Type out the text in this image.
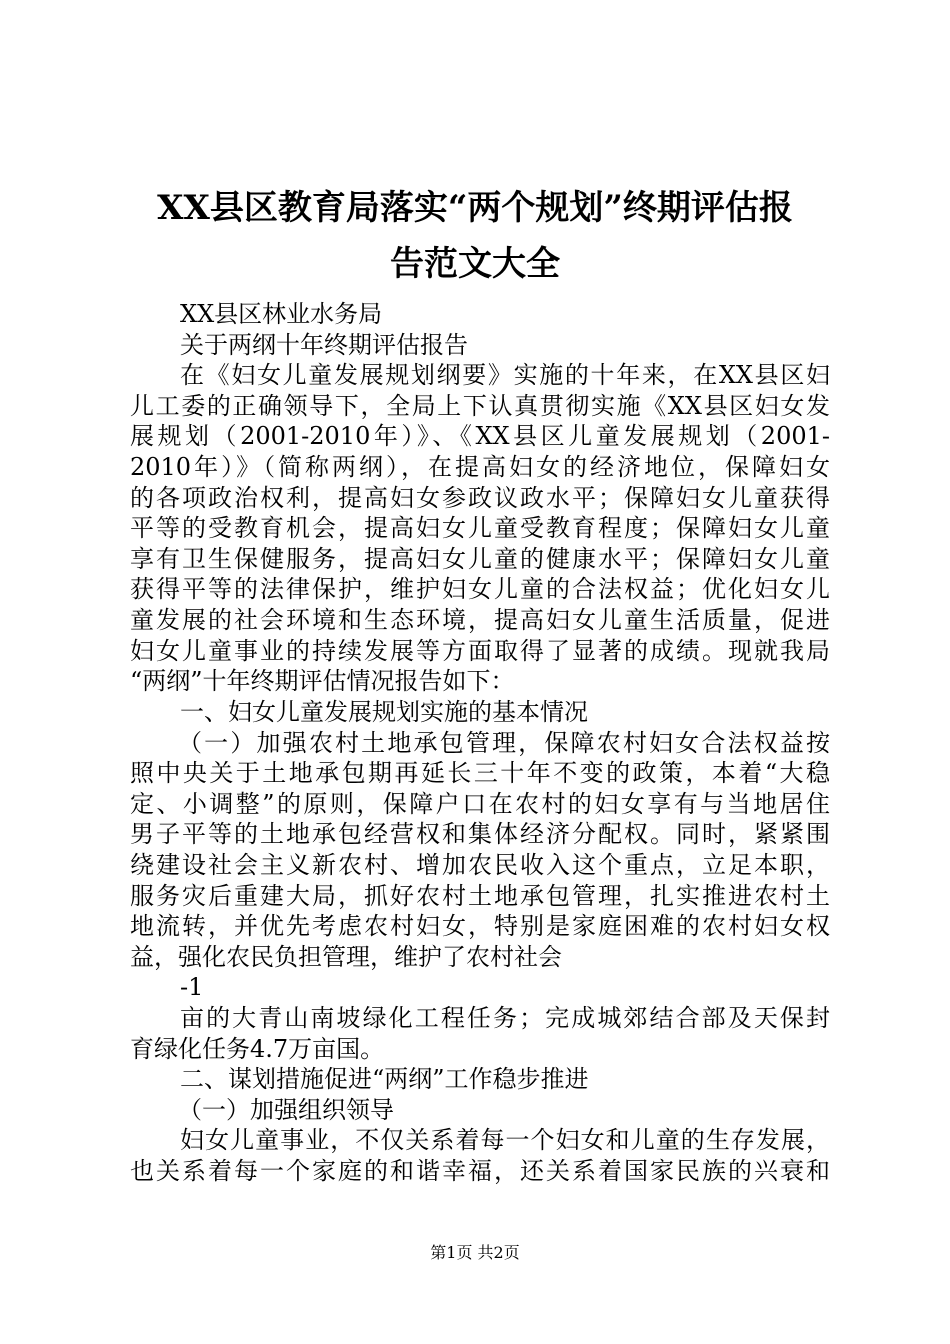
XX县区教育局落实“两个规划”终期评估报
告范文大全
XX县区林业水务局
关于两纲十年终期评估报告
在《妇女儿童发展规划纲要》实施的十年来，在XX县区妇
儿工委的正确领导下，全局上下认真贯彻实施《XX县区妇女发
展规划（2001-2010年）》、《XX县区儿童发展规划（2001-
2010年）》（简称两纲），在提高妇女的经济地位，保障妇女
的各项政治权利，提高妇女参政议政水平；保障妇女儿童获得
平等的受教育机会，提高妇女儿童受教育程度；保障妇女儿童
享有卫生保健服务，提高妇女儿童的健康水平；保障妇女儿童
获得平等的法律保护，维护妇女儿童的合法权益；优化妇女儿
童发展的社会环境和生态环境，提高妇女儿童生活质量，促进
妇女儿童事业的持续发展等方面取得了显著的成绩。现就我局
“两纲”十年终期评估情况报告如下：
一、妇女儿童发展规划实施的基本情况
（一）加强农村土地承包管理，保障农村妇女合法权益按
照中央关于土地承包期再延长三十年不变的政策，本着“大稳
定、小调整”的原则，保障户口在农村的妇女享有与当地居住
男子平等的土地承包经营权和集体经济分配权。同时，紧紧围
绕建设社会主义新农村、增加农民收入这个重点，立足本职，
服务灾后重建大局，抓好农村土地承包管理，扎实推进农村土
地流转，并优先考虑农村妇女，特别是家庭困难的农村妇女权
益，强化农民负担管理，维护了农村社会
-1
亩的大青山南坡绿化工程任务；完成城郊结合部及天保封
育绿化任务4.7万亩国。
二、谋划措施促进“两纲”工作稳步推进
第1页 共2页
（一）加强组织领导
妇女儿童事业，不仅关系着每一个妇女和儿童的生存发展，
也关系着每一个家庭的和谐幸福，还关系着国家民族的兴衰和
